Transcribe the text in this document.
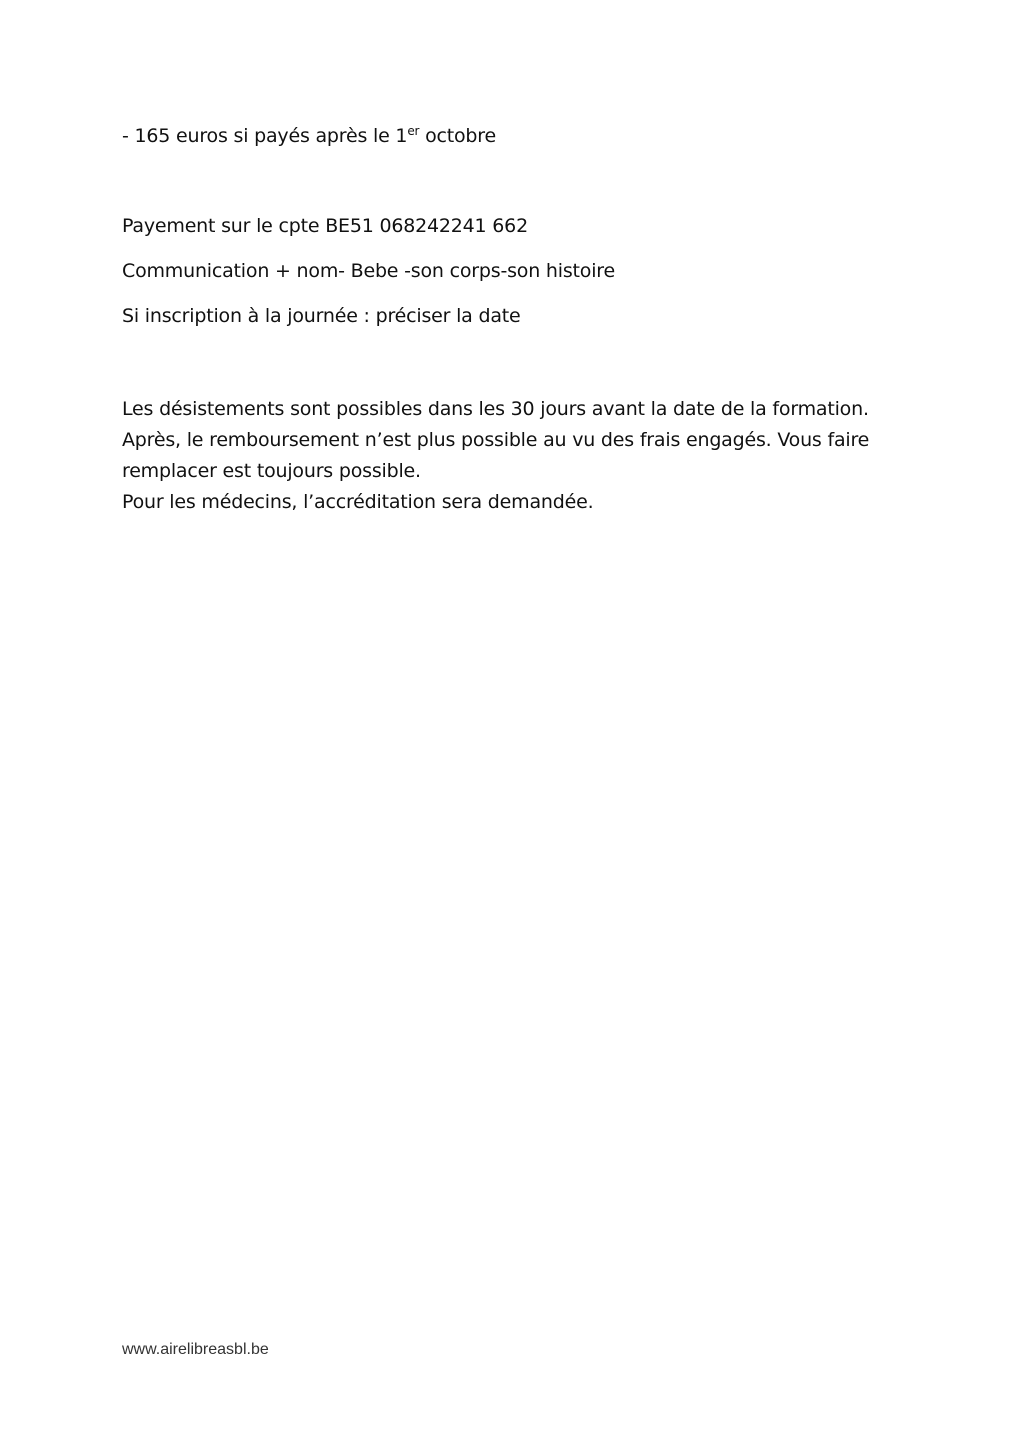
- 165 euros si payés après le 1er octobre
Payement sur le cpte BE51 068242241 662
Communication + nom- Bebe -son corps-son histoire
Si inscription à la journée : préciser la date
Les désistements sont possibles dans les 30 jours avant la date de la formation.
Après, le remboursement n’est plus possible au vu des frais engagés. Vous faire
remplacer est toujours possible.
Pour les médecins, l’accréditation sera demandée.
www.airelibreasbl.be
